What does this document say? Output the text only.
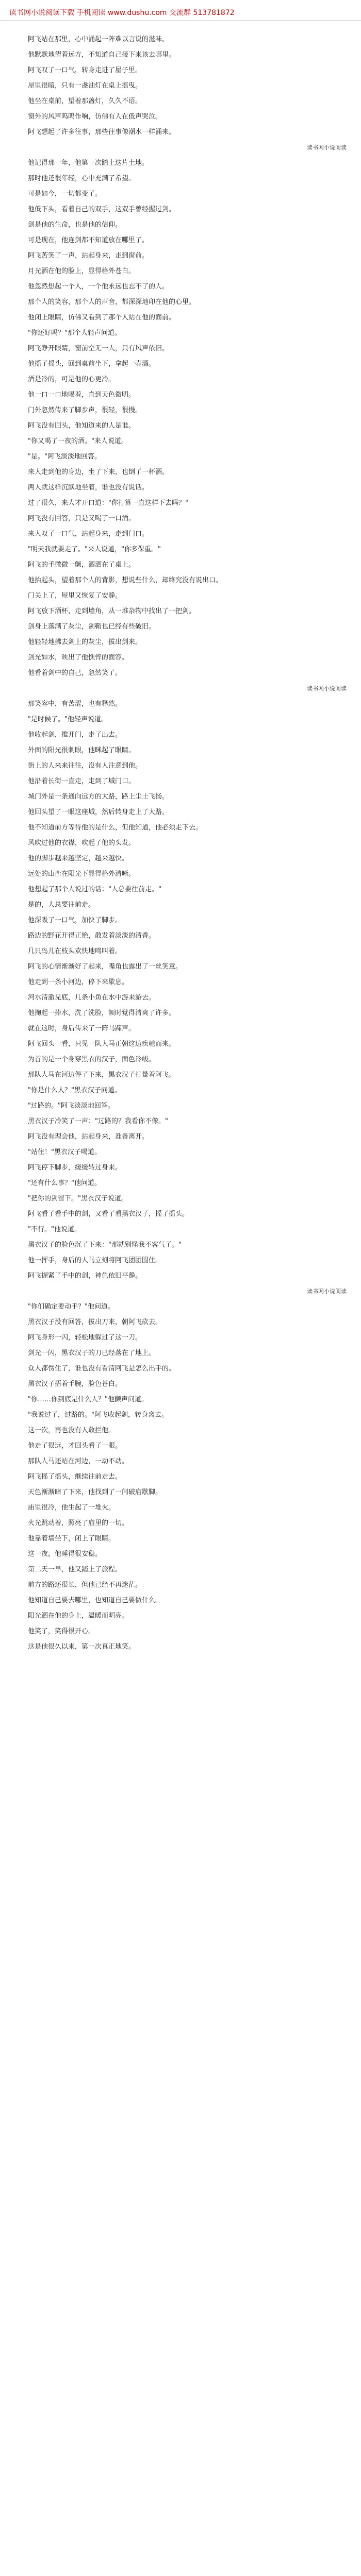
读书网小说阅读下载 手机阅读 www.dushu.com 交流群 513781872

阿飞站在那里，心中涌起一阵难以言说的滋味。

他默默地望着远方，不知道自己接下来该去哪里。

阿飞叹了一口气，转身走进了屋子里。

屋里很暗，只有一盏油灯在桌上摇曳。

他坐在桌前，望着那盏灯，久久不语。

窗外的风声呜呜作响，仿佛有人在低声哭泣。

阿飞想起了许多往事，那些往事像潮水一样涌来。

读书网小说阅读

他记得那一年，他第一次踏上这片土地。

那时他还很年轻，心中充满了希望。

可是如今，一切都变了。

他低下头，看着自己的双手，这双手曾经握过剑。

剑是他的生命，也是他的信仰。

可是现在，他连剑都不知道放在哪里了。

阿飞苦笑了一声，站起身来，走到窗前。

月光洒在他的脸上，显得格外苍白。

他忽然想起一个人，一个他永远也忘不了的人。

那个人的笑容，那个人的声音，都深深地印在他的心里。

他闭上眼睛，仿佛又看到了那个人站在他的面前。

"你还好吗？"那个人轻声问道。

阿飞睁开眼睛，窗前空无一人，只有风声依旧。

他摇了摇头，回到桌前坐下，拿起一壶酒。

酒是冷的，可是他的心更冷。

他一口一口地喝着，直到天色微明。

门外忽然传来了脚步声，很轻，很慢。

阿飞没有回头，他知道来的人是谁。

"你又喝了一夜的酒。"来人说道。

"是。"阿飞淡淡地回答。

来人走到他的身边，坐了下来，也倒了一杯酒。

两人就这样沉默地坐着，谁也没有说话。

过了很久，来人才开口道："你打算一直这样下去吗？"

阿飞没有回答，只是又喝了一口酒。

来人叹了一口气，站起身来，走到门口。

"明天我就要走了。"来人说道，"你多保重。"

阿飞的手微微一颤，酒洒在了桌上。

他抬起头，望着那个人的背影，想说些什么，却终究没有说出口。

门关上了，屋里又恢复了安静。

阿飞放下酒杯，走到墙角，从一堆杂物中找出了一把剑。

剑身上落满了灰尘，剑鞘也已经有些破旧。

他轻轻地拂去剑上的灰尘，拔出剑来。

剑光如水，映出了他憔悴的面容。

他看着剑中的自己，忽然笑了。

读书网小说阅读

那笑容中，有苦涩，也有释然。

"是时候了。"他轻声说道。

他收起剑，推开门，走了出去。

外面的阳光很刺眼，他眯起了眼睛。

街上的人来来往往，没有人注意到他。

他沿着长街一直走，走到了城门口。

城门外是一条通向远方的大路，路上尘土飞扬。

他回头望了一眼这座城，然后转身走上了大路。

他不知道前方等待他的是什么，但他知道，他必须走下去。

风吹过他的衣襟，吹起了他的头发。

他的脚步越来越坚定，越来越快。

远处的山峦在阳光下显得格外清晰。

他想起了那个人说过的话："人总要往前走。"

是的，人总要往前走。

他深吸了一口气，加快了脚步。

路边的野花开得正艳，散发着淡淡的清香。

几只鸟儿在枝头欢快地鸣叫着。

阿飞的心情渐渐好了起来，嘴角也露出了一丝笑意。

他走到一条小河边，停下来歇息。

河水清澈见底，几条小鱼在水中游来游去。

他掬起一捧水，洗了洗脸，顿时觉得清爽了许多。

就在这时，身后传来了一阵马蹄声。

阿飞回头一看，只见一队人马正朝这边疾驰而来。

为首的是一个身穿黑衣的汉子，面色冷峻。

那队人马在河边停了下来，黑衣汉子打量着阿飞。

"你是什么人？"黑衣汉子问道。

"过路的。"阿飞淡淡地回答。

黑衣汉子冷笑了一声："过路的？我看你不像。"

阿飞没有理会他，站起身来，准备离开。

"站住！"黑衣汉子喝道。

阿飞停下脚步，缓缓转过身来。

"还有什么事？"他问道。

"把你的剑留下。"黑衣汉子说道。

阿飞看了看手中的剑，又看了看黑衣汉子，摇了摇头。

"不行。"他说道。

黑衣汉子的脸色沉了下来："那就别怪我不客气了。"

他一挥手，身后的人马立刻将阿飞团团围住。

阿飞握紧了手中的剑，神色依旧平静。

读书网小说阅读

"你们确定要动手？"他问道。

黑衣汉子没有回答，拔出刀来，朝阿飞砍去。

阿飞身形一闪，轻松地躲过了这一刀。

剑光一闪，黑衣汉子的刀已经落在了地上。

众人都愣住了，谁也没有看清阿飞是怎么出手的。

黑衣汉子捂着手腕，脸色苍白。

"你……你到底是什么人？"他颤声问道。

"我说过了，过路的。"阿飞收起剑，转身离去。

这一次，再也没有人敢拦他。

他走了很远，才回头看了一眼。

那队人马还站在河边，一动不动。

阿飞摇了摇头，继续往前走去。

天色渐渐暗了下来，他找到了一间破庙歇脚。

庙里很冷，他生起了一堆火。

火光跳动着，照亮了庙里的一切。

他靠着墙坐下，闭上了眼睛。

这一夜，他睡得很安稳。

第二天一早，他又踏上了旅程。

前方的路还很长，但他已经不再迷茫。

他知道自己要去哪里，也知道自己要做什么。

阳光洒在他的身上，温暖而明亮。

他笑了，笑得很开心。

这是他很久以来，第一次真正地笑。
